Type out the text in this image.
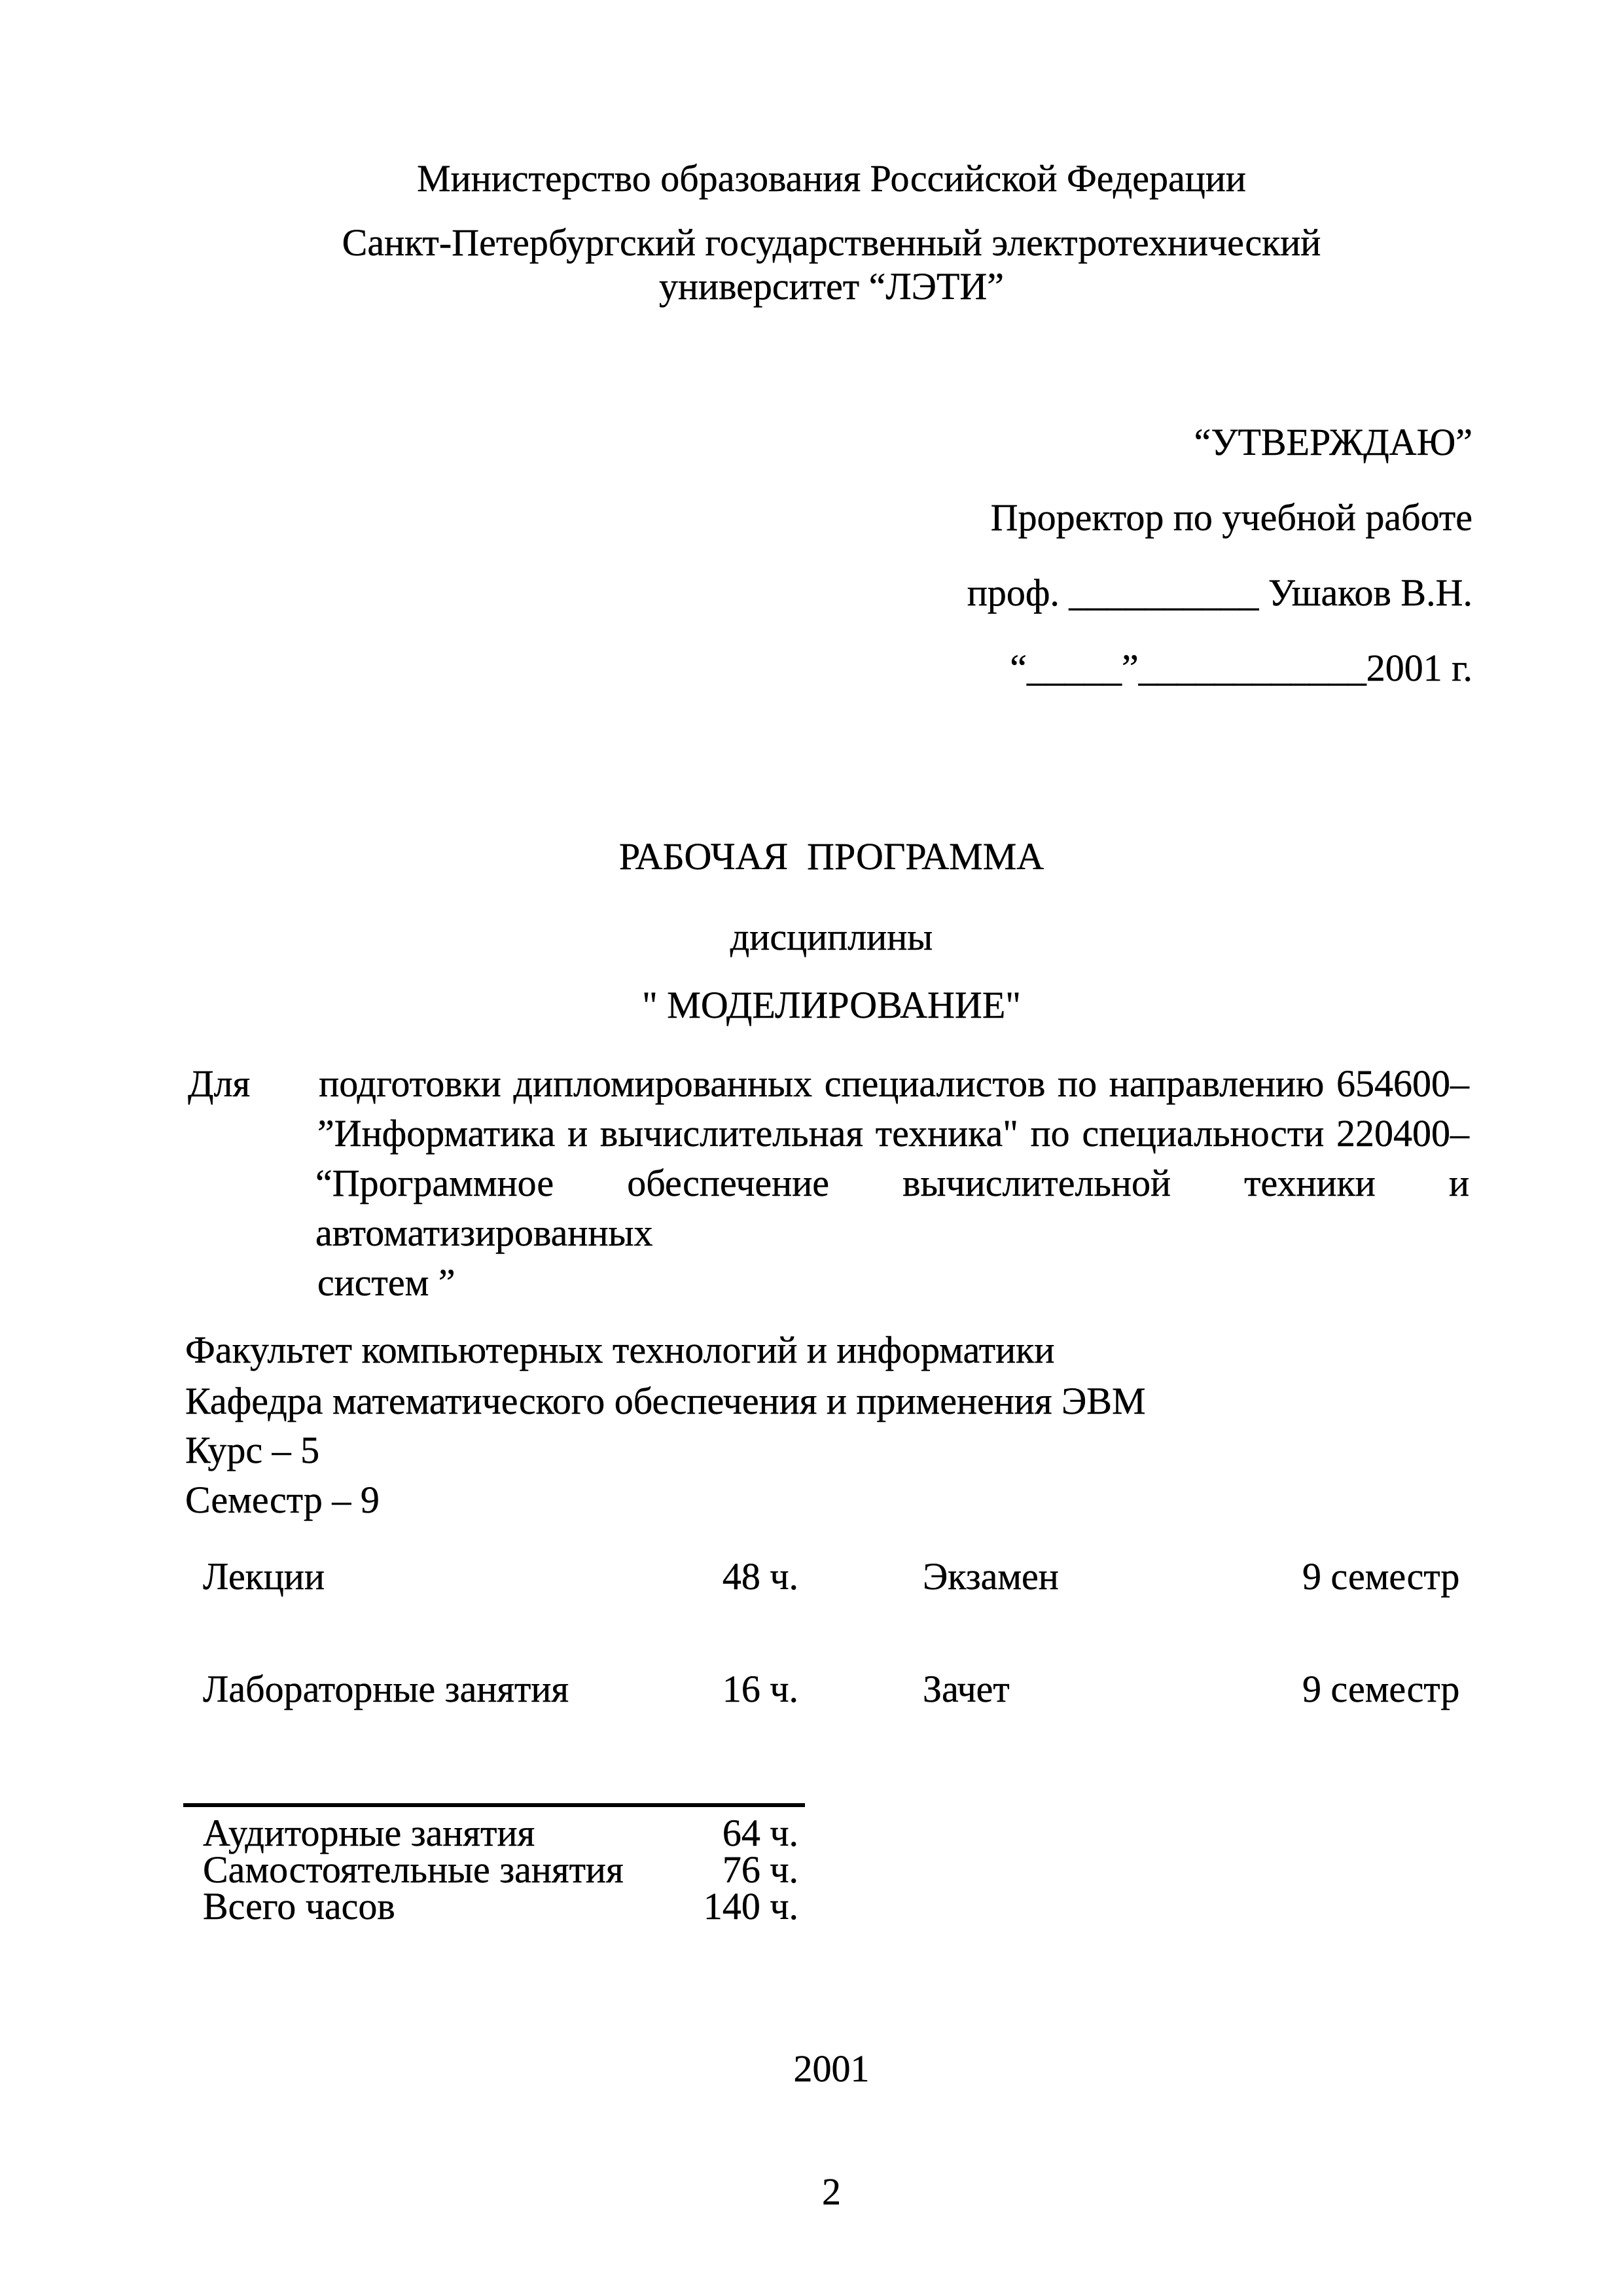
Министерство образования Российской Федерации
Санкт-Петербургский государственный электротехнический
университет “ЛЭТИ”
“УТВЕРЖДАЮ”
Проректор по учебной работе
проф. __________ Ушаков В.Н.
“_____”____________2001 г.
РАБОЧАЯ  ПРОГРАММА
дисциплины
" МОДЕЛИРОВАНИЕ"
Для подготовки дипломированных специалистов по направлению 654600–
”Информатика и вычислительная техника" по специальности 220400–
“Программное обеспечение вычислительной техники и автоматизированных
систем ”
Факультет компьютерных технологий и информатики
Кафедра математического обеспечения и применения ЭВМ
Курс – 5
Семестр – 9
Лекции	48 ч.	Экзамен	9 семестр
Лабораторные занятия	16 ч.	Зачет	9 семестр
Аудиторные занятия	64 ч.
Самостоятельные занятия	76 ч.
Всего часов	140 ч.
2001
2
